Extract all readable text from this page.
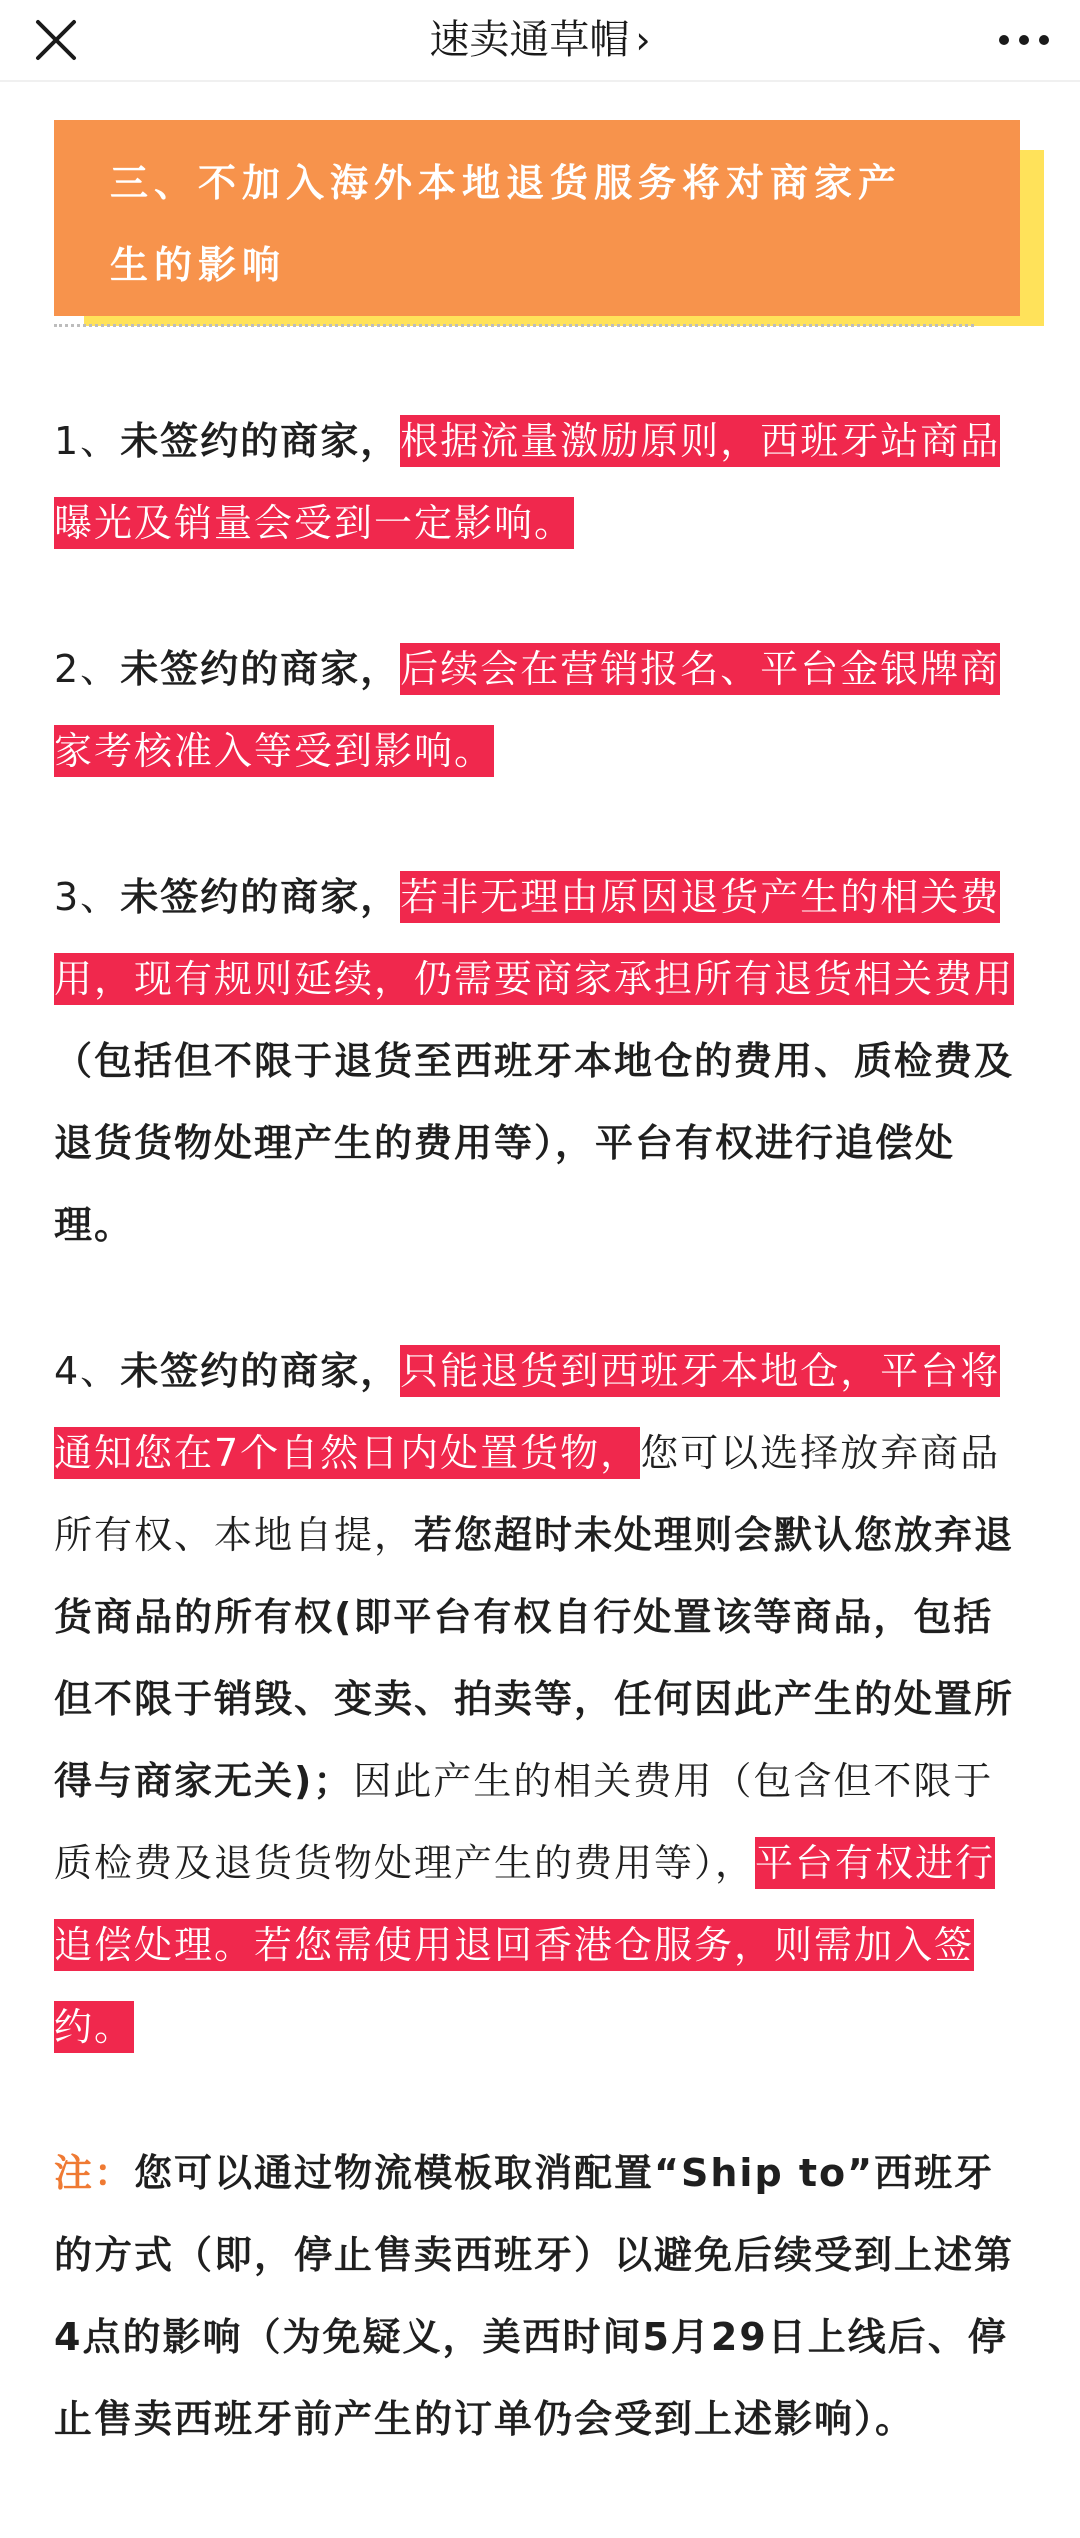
速卖通草帽 ›
三、不加入海外本地退货服务将对商家产
生的影响

1、未签约的商家，根据流量激励原则，西班牙站商品曝光及销量会受到一定影响。

2、未签约的商家，后续会在营销报名、平台金银牌商家考核准入等受到影响。

3、未签约的商家，若非无理由原因退货产生的相关费用，现有规则延续，仍需要商家承担所有退货相关费用（包括但不限于退货至西班牙本地仓的费用、质检费及退货货物处理产生的费用等），平台有权进行追偿处理。

4、未签约的商家，只能退货到西班牙本地仓，平台将通知您在7个自然日内处置货物，您可以选择放弃商品所有权、本地自提，若您超时未处理则会默认您放弃退货商品的所有权(即平台有权自行处置该等商品，包括但不限于销毁、变卖、拍卖等，任何因此产生的处置所得与商家无关)；因此产生的相关费用（包含但不限于质检费及退货货物处理产生的费用等），平台有权进行追偿处理。若您需使用退回香港仓服务，则需加入签约。

注：您可以通过物流模板取消配置“Ship to”西班牙的方式（即，停止售卖西班牙）以避免后续受到上述第4点的影响（为免疑义，美西时间5月29日上线后、停止售卖西班牙前产生的订单仍会受到上述影响）。
